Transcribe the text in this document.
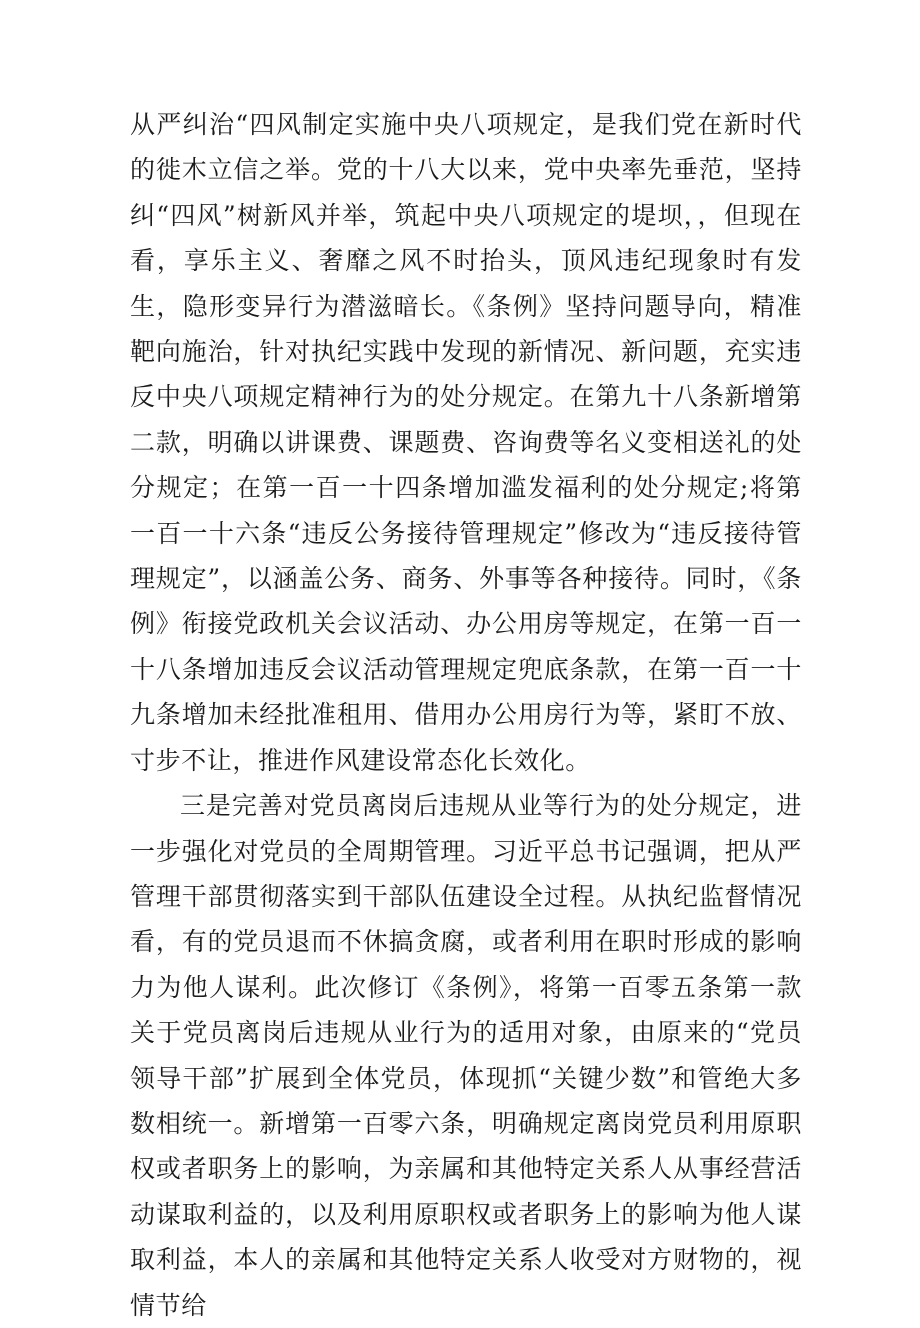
从严纠治“四风制定实施中央八项规定，是我们党在新时代的徙木立信之举。党的十八大以来，党中央率先垂范，坚持纠“四风”树新风并举，筑起中央八项规定的堤坝，，但现在看，享乐主义、奢靡之风不时抬头，顶风违纪现象时有发生，隐形变异行为潜滋暗长。《条例》坚持问题导向，精准靶向施治，针对执纪实践中发现的新情况、新问题，充实违反中央八项规定精神行为的处分规定。在第九十八条新增第二款，明确以讲课费、课题费、咨询费等名义变相送礼的处分规定；在第一百一十四条增加滥发福利的处分规定;将第一百一十六条“违反公务接待管理规定”修改为“违反接待管理规定”，以涵盖公务、商务、外事等各种接待。同时，《条例》衔接党政机关会议活动、办公用房等规定，在第一百一十八条增加违反会议活动管理规定兜底条款，在第一百一十九条增加未经批准租用、借用办公用房行为等，紧盯不放、寸步不让，推进作风建设常态化长效化。

三是完善对党员离岗后违规从业等行为的处分规定，进一步强化对党员的全周期管理。习近平总书记强调，把从严管理干部贯彻落实到干部队伍建设全过程。从执纪监督情况看，有的党员退而不休搞贪腐，或者利用在职时形成的影响力为他人谋利。此次修订《条例》，将第一百零五条第一款关于党员离岗后违规从业行为的适用对象，由原来的“党员领导干部”扩展到全体党员，体现抓“关键少数”和管绝大多数相统一。新增第一百零六条，明确规定离岗党员利用原职权或者职务上的影响，为亲属和其他特定关系人从事经营活动谋取利益的，以及利用原职权或者职务上的影响为他人谋取利益，本人的亲属和其他特定关系人收受对方财物的，视情节给
